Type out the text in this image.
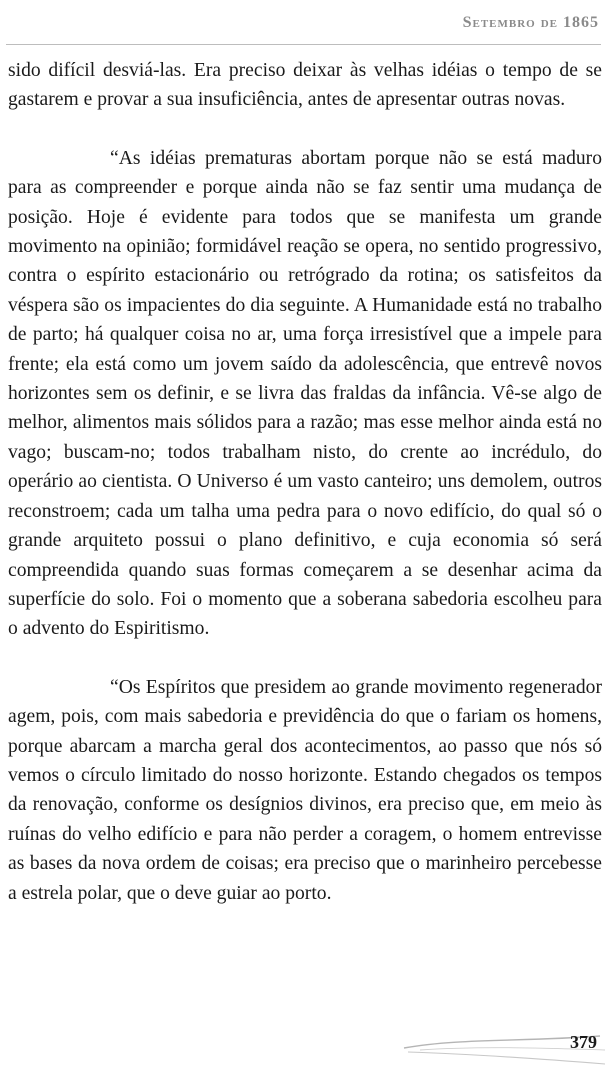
Setembro de 1865

sido difícil desviá-las. Era preciso deixar às velhas idéias o tempo de se gastarem e provar a sua insuficiência, antes de apresentar outras novas.

“As idéias prematuras abortam porque não se está maduro para as compreender e porque ainda não se faz sentir uma mudança de posição. Hoje é evidente para todos que se manifesta um grande movimento na opinião; formidável reação se opera, no sentido progressivo, contra o espírito estacionário ou retrógrado da rotina; os satisfeitos da véspera são os impacientes do dia seguinte. A Humanidade está no trabalho de parto; há qualquer coisa no ar, uma força irresistível que a impele para frente; ela está como um jovem saído da adolescência, que entrevê novos horizontes sem os definir, e se livra das fraldas da infância. Vê-se algo de melhor, alimentos mais sólidos para a razão; mas esse melhor ainda está no vago; buscam-no; todos trabalham nisto, do crente ao incrédulo, do operário ao cientista. O Universo é um vasto canteiro; uns demolem, outros reconstroem; cada um talha uma pedra para o novo edifício, do qual só o grande arquiteto possui o plano definitivo, e cuja economia só será compreendida quando suas formas começarem a se desenhar acima da superfície do solo. Foi o momento que a soberana sabedoria escolheu para o advento do Espiritismo.

“Os Espíritos que presidem ao grande movimento regenerador agem, pois, com mais sabedoria e previdência do que o fariam os homens, porque abarcam a marcha geral dos acontecimentos, ao passo que nós só vemos o círculo limitado do nosso horizonte. Estando chegados os tempos da renovação, conforme os desígnios divinos, era preciso que, em meio às ruínas do velho edifício e para não perder a coragem, o homem entrevisse as bases da nova ordem de coisas; era preciso que o marinheiro percebesse a estrela polar, que o deve guiar ao porto.

379
